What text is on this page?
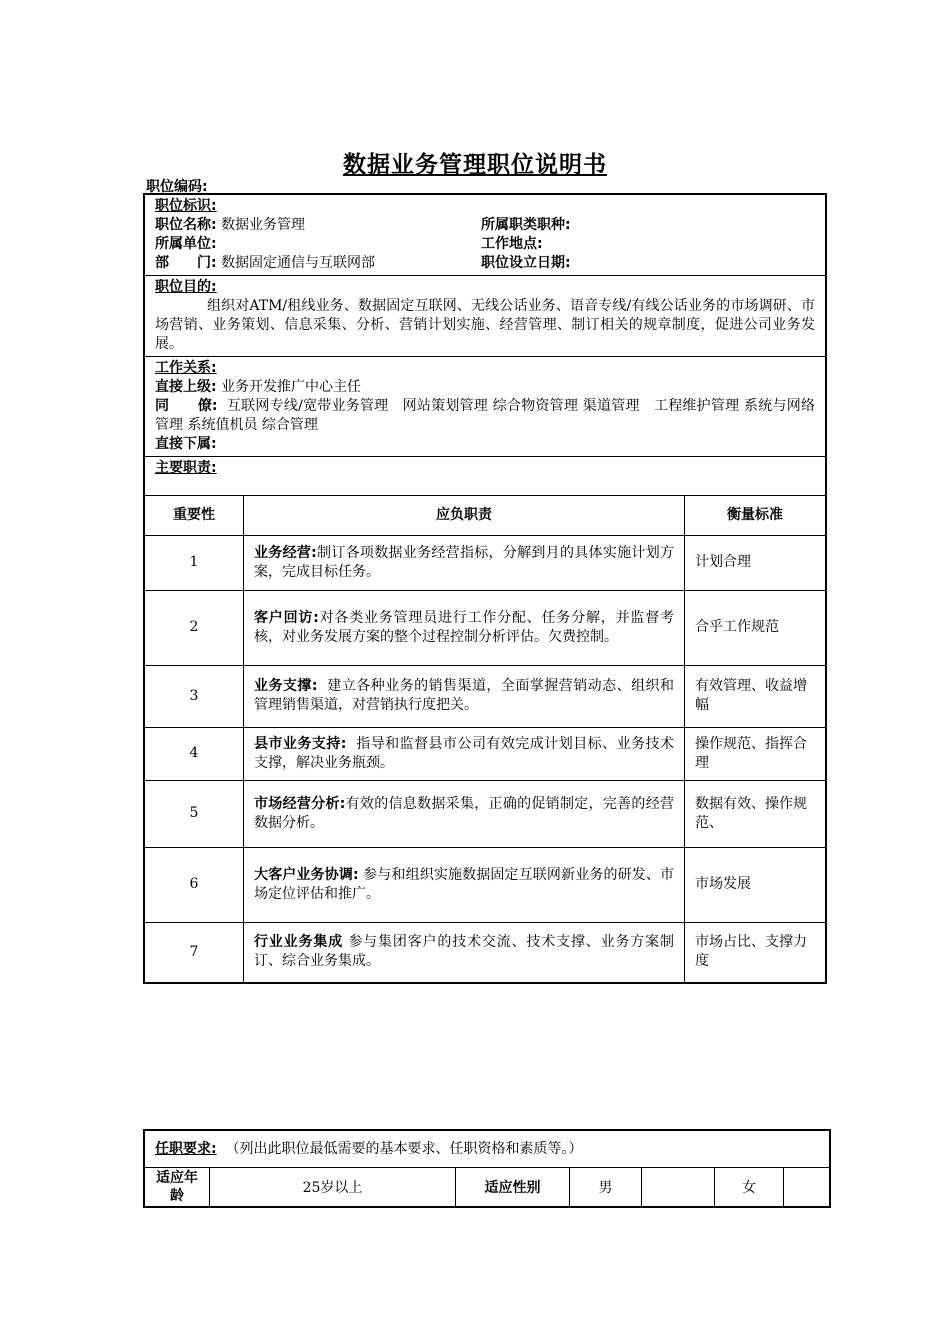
数据业务管理职位说明书
职位编码:
职位标识:
职位名称: 数据业务管理	所属职类职种:
所属单位:	工作地点:
部　　门: 数据固定通信与互联网部	职位设立日期:
职位目的:
组织对ATM/租线业务、数据固定互联网、无线公话业务、语音专线/有线公话业务的市场调研、市场营销、业务策划、信息采集、分析、营销计划实施、经营管理、制订相关的规章制度，促进公司业务发展。
工作关系:
直接上级: 业务开发推广中心主任
同　　僚: 互联网专线/宽带业务管理　网站策划管理 综合物资管理 渠道管理　工程维护管理 系统与网络管理 系统值机员 综合管理
直接下属:
主要职责:
重要性	应负职责	衡量标准
1	业务经营:制订各项数据业务经营指标，分解到月的具体实施计划方案，完成目标任务。	计划合理
2	客户回访:对各类业务管理员进行工作分配、任务分解，并监督考核，对业务发展方案的整个过程控制分析评估。欠费控制。	合乎工作规范
3	业务支撑: 建立各种业务的销售渠道，全面掌握营销动态、组织和管理销售渠道，对营销执行度把关。	有效管理、收益增幅
4	县市业务支持: 指导和监督县市公司有效完成计划目标、业务技术支撑，解决业务瓶颈。	操作规范、指挥合理
5	市场经营分析:有效的信息数据采集，正确的促销制定，完善的经营数据分析。	数据有效、操作规范、
6	大客户业务协调: 参与和组织实施数据固定互联网新业务的研发、市场定位评估和推广。	市场发展
7	行业业务集成 参与集团客户的技术交流、技术支撑、业务方案制订、综合业务集成。	市场占比、支撑力度
任职要求: （列出此职位最低需要的基本要求、任职资格和素质等。）
适应年龄	25岁以上	适应性别	男		女	
